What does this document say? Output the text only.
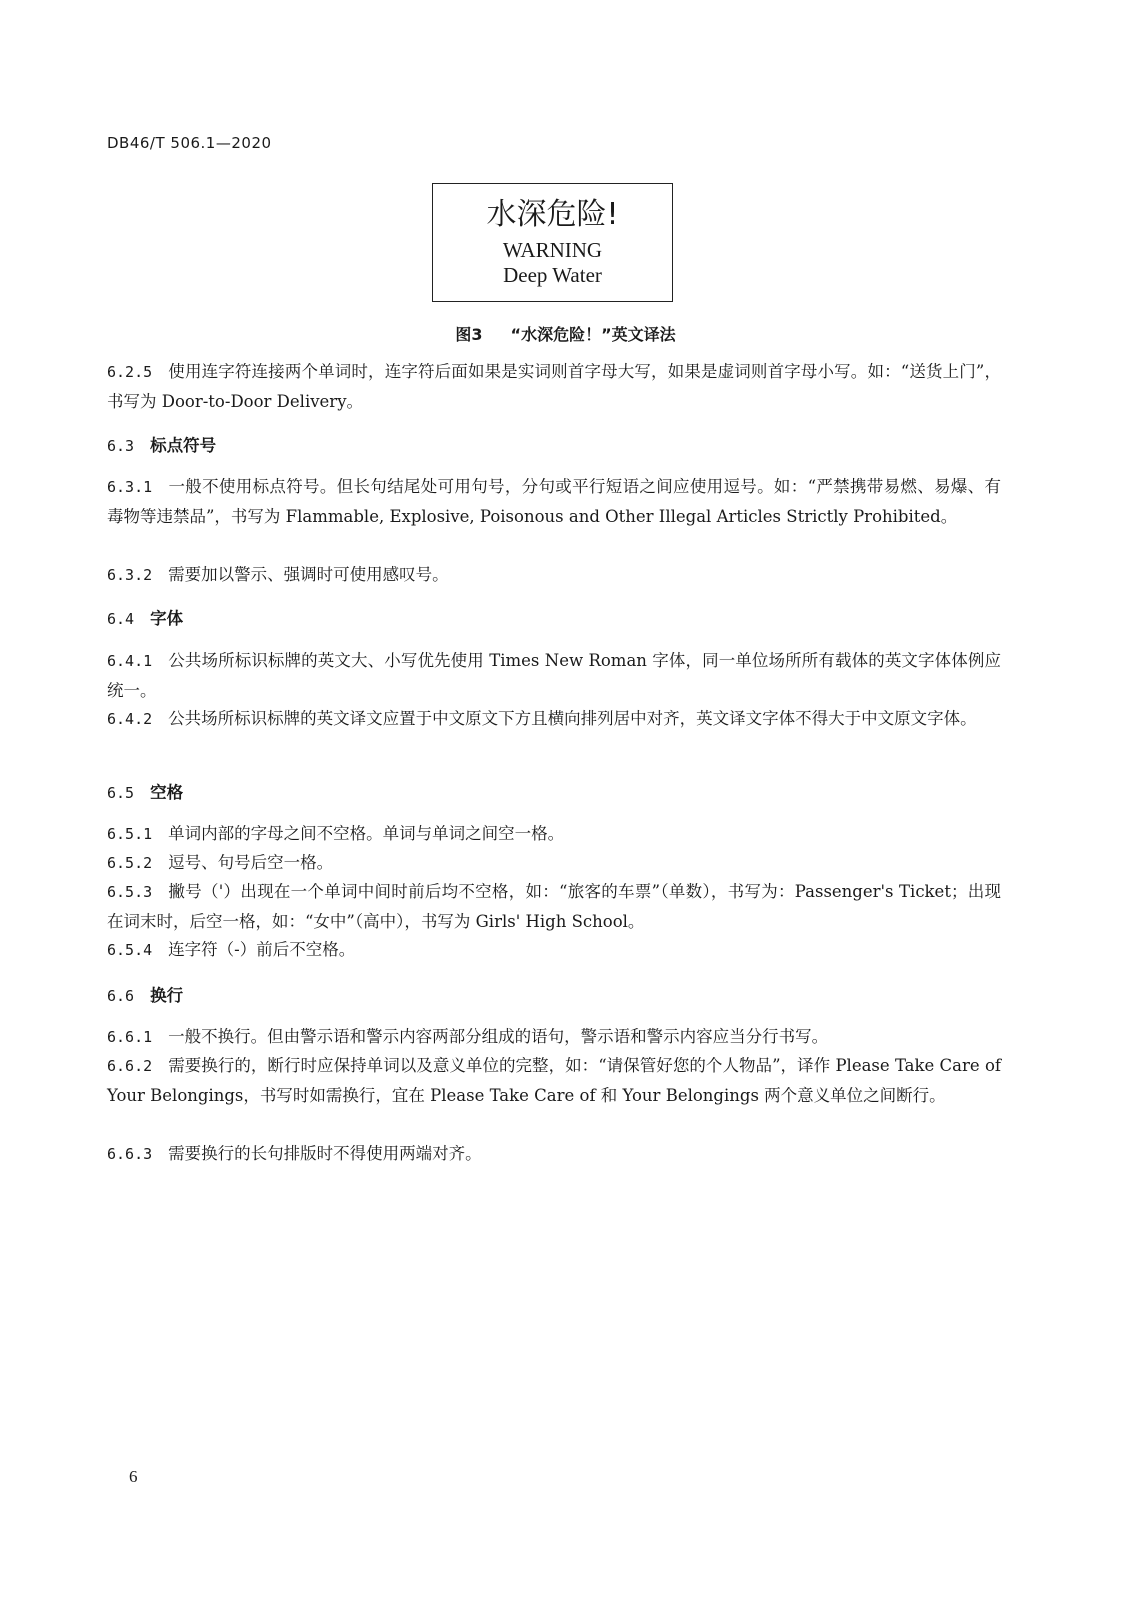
DB46/T 506.1—2020
水深危险!
WARNING
Deep Water
图3 “水深危险！”英文译法
6.2.5 使用连字符连接两个单词时，连字符后面如果是实词则首字母大写，如果是虚词则首字母小写。如：“送货上门”，书写为 Door-to-Door Delivery。
6.3 标点符号
6.3.1 一般不使用标点符号。但长句结尾处可用句号，分句或平行短语之间应使用逗号。如：“严禁携带易燃、易爆、有毒物等违禁品”，书写为 Flammable, Explosive, Poisonous and Other Illegal Articles Strictly Prohibited。
6.3.2 需要加以警示、强调时可使用感叹号。
6.4 字体
6.4.1 公共场所标识标牌的英文大、小写优先使用 Times New Roman 字体，同一单位场所所有载体的英文字体体例应统一。
6.4.2 公共场所标识标牌的英文译文应置于中文原文下方且横向排列居中对齐，英文译文字体不得大于中文原文字体。
6.5 空格
6.5.1 单词内部的字母之间不空格。单词与单词之间空一格。
6.5.2 逗号、句号后空一格。
6.5.3 撇号（'）出现在一个单词中间时前后均不空格，如：“旅客的车票”（单数），书写为：Passenger's Ticket；出现在词末时，后空一格，如：“女中”（高中），书写为 Girls' High School。
6.5.4 连字符（-）前后不空格。
6.6 换行
6.6.1 一般不换行。但由警示语和警示内容两部分组成的语句，警示语和警示内容应当分行书写。
6.6.2 需要换行的，断行时应保持单词以及意义单位的完整，如：“请保管好您的个人物品”，译作 Please Take Care of Your Belongings，书写时如需换行，宜在 Please Take Care of 和 Your Belongings 两个意义单位之间断行。
6.6.3 需要换行的长句排版时不得使用两端对齐。
6
